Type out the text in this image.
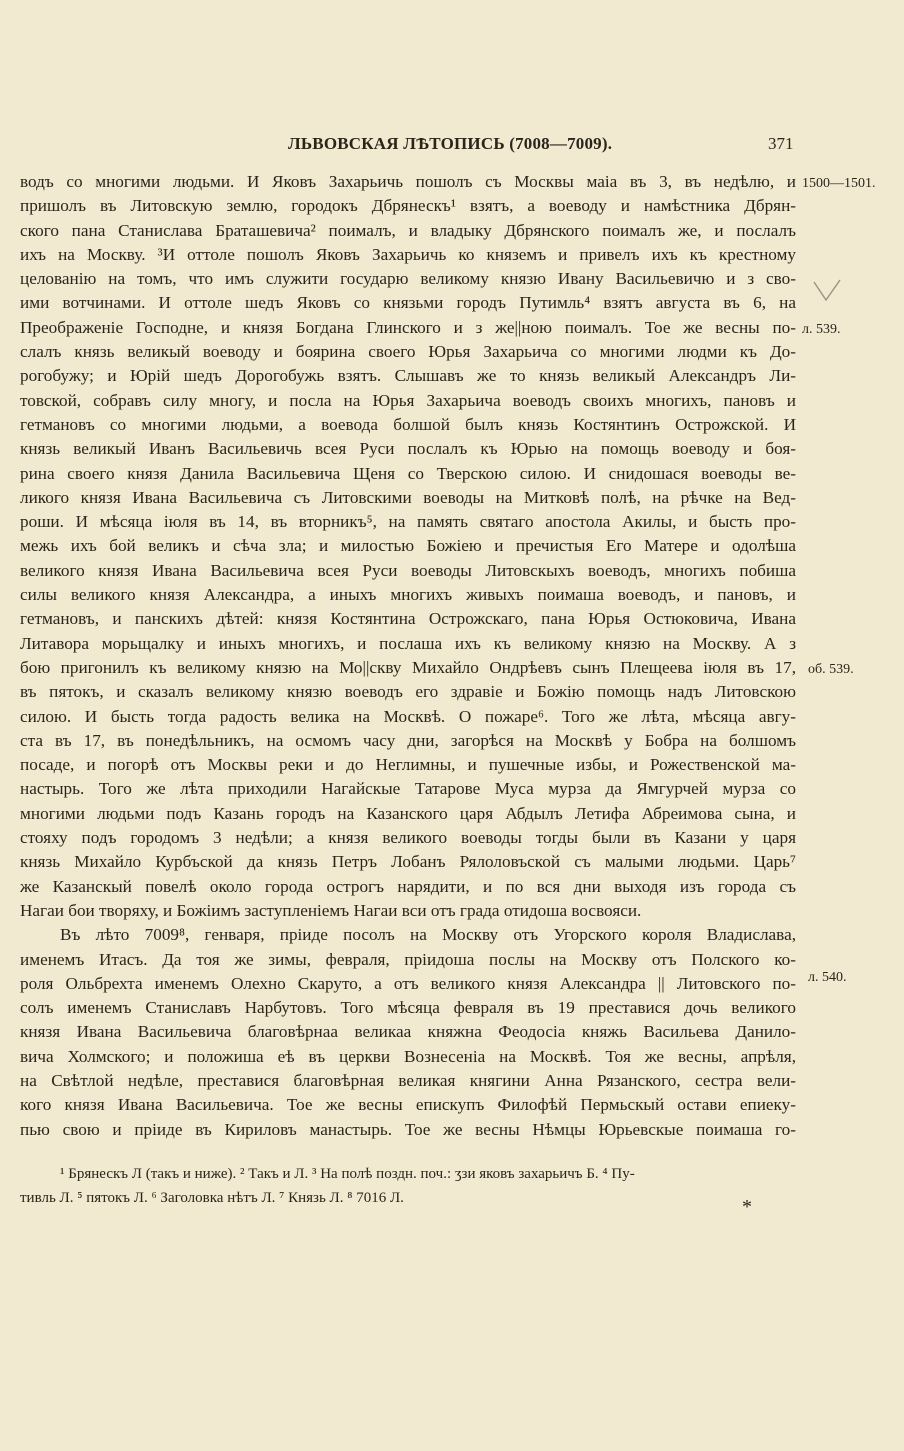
ЛЬВОВСКАЯ ЛѢТОПИСЬ (7008—7009).	371
водъ со многими людьми. И Яковъ Захарьичь пошолъ съ Москвы маіа въ 3, въ недѣлю, и
пришолъ въ Литовскую землю, городокъ Дбрянескъ¹ взятъ, а воеводу и намѣстника Дбрян-
ского пана Станислава Браташевича² поималъ, и владыку Дбрянского поималъ же, и послалъ
ихъ на Москву. ³И оттоле пошолъ Яковъ Захарьичь ко княземъ и привелъ ихъ къ крестному
целованію на томъ, что имъ служити государю великому князю Ивану Васильевичю и з сво-
ими вотчинами. И оттоле шедъ Яковъ со князьми городъ Путимль⁴ взятъ августа въ 6, на
Преображеніе Господне, и князя Богдана Глинского и з же||ною поималъ. Тое же весны по-
слалъ князь великый воеводу и боярина своего Юрья Захарьича со многими людми къ До-
рогобужу; и Юрій шедъ Дорогобужь взятъ. Слышавъ же то князь великый Александръ Ли-
товской, собравъ силу многу, и посла на Юрья Захарьича воеводъ своихъ многихъ, пановъ и
гетмановъ со многими людьми, а воевода болшой былъ князь Костянтинъ Острожской. И
князь великый Иванъ Васильевичь всея Руси послалъ къ Юрью на помощь воеводу и боя-
рина своего князя Данила Васильевича Щеня со Тверскою силою. И снидошася воеводы ве-
ликого князя Ивана Васильевича съ Литовскими воеводы на Митковѣ полѣ, на рѣчке на Вед-
роши. И мѣсяца іюля въ 14, въ вторникъ⁵, на память святаго апостола Акилы, и бысть про-
межь ихъ бой великъ и сѣча зла; и милостью Божіею и пречистыя Его Матере и одолѣша
великого князя Ивана Васильевича всея Руси воеводы Литовскыхъ воеводъ, многихъ побиша
силы великого князя Александра, а иныхъ многихъ живыхъ поимаша воеводъ, и пановъ, и
гетмановъ, и панскихъ дѣтей: князя Костянтина Острожскаго, пана Юрья Остюковича, Ивана
Литавора морьщалку и иныхъ многихъ, и послаша ихъ къ великому князю на Москву. А з
бою пригонилъ къ великому князю на Мо||скву Михайло Ондрѣевъ сынъ Плещеева іюля въ 17,
въ пятокъ, и сказалъ великому князю воеводъ его здравіе и Божію помощь надъ Литовскою
силою. И бысть тогда радость велика на Москвѣ. О пожаре⁶. Того же лѣта, мѣсяца авгу-
ста въ 17, въ понедѣльникъ, на осмомъ часу дни, загорѣся на Москвѣ у Бобра на болшомъ
посаде, и погорѣ отъ Москвы реки и до Неглимны, и пушечные избы, и Рожественской ма-
настырь. Того же лѣта приходили Нагайскые Татарове Муса мурза да Ямгурчей мурза со
многими людьми подъ Казань городъ на Казанского царя Абдылъ Летифа Абреимова сына, и
стояху подъ городомъ 3 недѣли; а князя великого воеводы тогды были въ Казани у царя
князь Михайло Курбъской да князь Петръ Лобанъ Рялоловъской съ малыми людьми. Царь⁷
же Казанскый повелѣ около города острогъ нарядити, и по вся дни выходя изъ города съ
Нагаи бои творяху, и Божіимъ заступленіемъ Нагаи вси отъ града отидоша восвояси.
Въ лѣто 7009⁸, генваря, пріиде посолъ на Москву отъ Угорского короля Владислава,
именемъ Итасъ. Да тоя же зимы, февраля, пріидоша послы на Москву отъ Полского ко-
роля Ольбрехта именемъ Олехно Скаруто, а отъ великого князя Александра || Литовского по-
солъ именемъ Станиславъ Нарбутовъ. Того мѣсяца февраля въ 19 преставися дочь великого
князя Ивана Васильевича благовѣрнаа великаа княжна Феодосіа княжь Васильева Данило-
вича Холмского; и положиша еѣ въ церкви Вознесеніа на Москвѣ. Тоя же весны, апрѣля,
на Свѣтлой недѣле, преставися благовѣрная великая княгини Анна Рязанского, сестра вели-
кого князя Ивана Васильевича. Тое же весны епискупъ Филофѣй Пермьскый остави епиеку-
пью свою и пріиде въ Кириловъ манастырь. Тое же весны Нѣмцы Юрьевскые поимаша го-
1500—1501.
л. 539.
об. 539.
л. 540.
¹ Брянескъ Л (такъ и ниже). ² Такъ и Л. ³ На полѣ поздн. поч.: ʒзи яковъ захарьичъ Б. ⁴ Пу-
тивль Л. ⁵ пятокъ Л. ⁶ Заголовка нѣтъ Л. ⁷ Князь Л. ⁸ 7016 Л.	*
